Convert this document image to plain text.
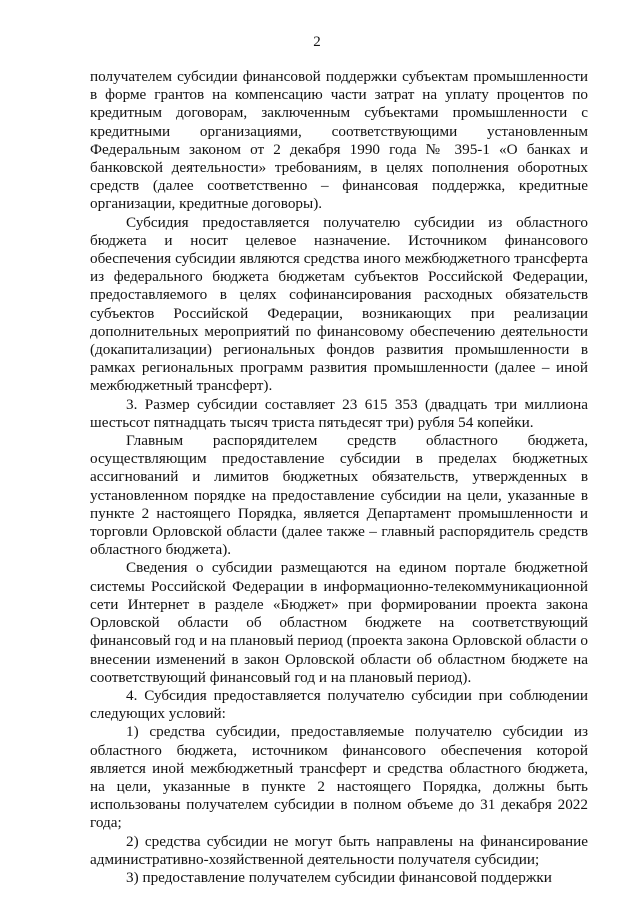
2

получателем субсидии финансовой поддержки субъектам промышленности в форме грантов на компенсацию части затрат на уплату процентов по кредитным договорам, заключенным субъектами промышленности с кредитными организациями, соответствующими установленным Федеральным законом от 2 декабря 1990 года № 395-1 «О банках и банковской деятельности» требованиям, в целях пополнения оборотных средств (далее соответственно – финансовая поддержка, кредитные организации, кредитные договоры).

Субсидия предоставляется получателю субсидии из областного бюджета и носит целевое назначение. Источником финансового обеспечения субсидии являются средства иного межбюджетного трансферта из федерального бюджета бюджетам субъектов Российской Федерации, предоставляемого в целях софинансирования расходных обязательств субъектов Российской Федерации, возникающих при реализации дополнительных мероприятий по финансовому обеспечению деятельности (докапитализации) региональных фондов развития промышленности в рамках региональных программ развития промышленности (далее – иной межбюджетный трансферт).

3. Размер субсидии составляет 23 615 353 (двадцать три миллиона шестьсот пятнадцать тысяч триста пятьдесят три) рубля 54 копейки.

Главным распорядителем средств областного бюджета, осуществляющим предоставление субсидии в пределах бюджетных ассигнований и лимитов бюджетных обязательств, утвержденных в установленном порядке на предоставление субсидии на цели, указанные в пункте 2 настоящего Порядка, является Департамент промышленности и торговли Орловской области (далее также – главный распорядитель средств областного бюджета).

Сведения о субсидии размещаются на едином портале бюджетной системы Российской Федерации в информационно-телекоммуникационной сети Интернет в разделе «Бюджет» при формировании проекта закона Орловской области об областном бюджете на соответствующий финансовый год и на плановый период (проекта закона Орловской области о внесении изменений в закон Орловской области об областном бюджете на соответствующий финансовый год и на плановый период).

4. Субсидия предоставляется получателю субсидии при соблюдении следующих условий:

1) средства субсидии, предоставляемые получателю субсидии из областного бюджета, источником финансового обеспечения которой является иной межбюджетный трансферт и средства областного бюджета, на цели, указанные в пункте 2 настоящего Порядка, должны быть использованы получателем субсидии в полном объеме до 31 декабря 2022 года;

2) средства субсидии не могут быть направлены на финансирование административно-хозяйственной деятельности получателя субсидии;

3) предоставление получателем субсидии финансовой поддержки
